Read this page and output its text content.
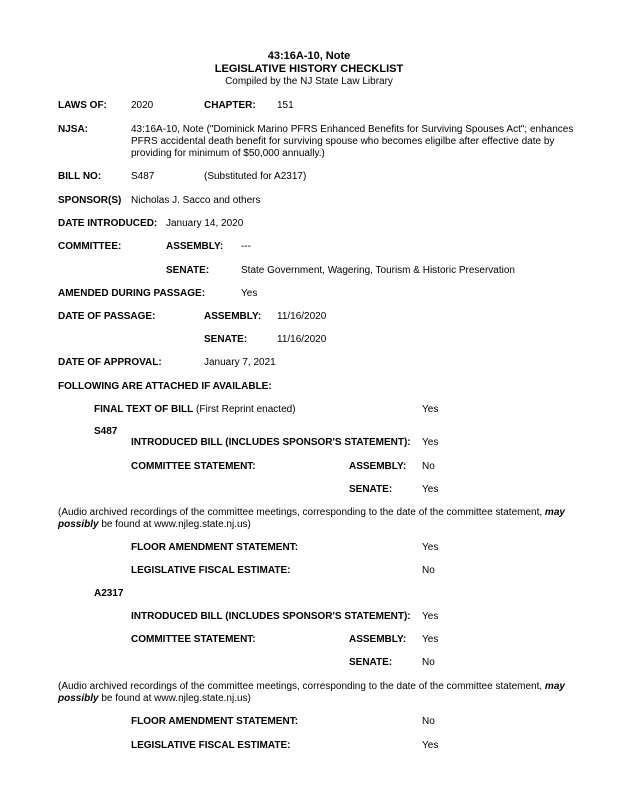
43:16A-10, Note
LEGISLATIVE HISTORY CHECKLIST
Compiled by the NJ State Law Library
LAWS OF: 2020	CHAPTER: 151
NJSA:	43:16A-10, Note ("Dominick Marino PFRS Enhanced Benefits for Surviving Spouses Act"; enhances PFRS accidental death benefit for surviving spouse who becomes eligilbe after effective date by providing for minimum of $50,000 annually.)
BILL NO:	S487	(Substituted for A2317)
SPONSOR(S) Nicholas J. Sacco and others
DATE INTRODUCED: January 14, 2020
COMMITTEE:	ASSEMBLY: ---
SENATE:	State Government, Wagering, Tourism & Historic Preservation
AMENDED DURING PASSAGE:	Yes
DATE OF PASSAGE:	ASSEMBLY: 11/16/2020
SENATE:	11/16/2020
DATE OF APPROVAL:	January 7, 2021
FOLLOWING ARE ATTACHED IF AVAILABLE:
FINAL TEXT OF BILL (First Reprint enacted)	Yes
S487
INTRODUCED BILL (INCLUDES SPONSOR'S STATEMENT): Yes
COMMITTEE STATEMENT:	ASSEMBLY: No
SENATE:	Yes
(Audio archived recordings of the committee meetings, corresponding to the date of the committee statement, may possibly be found at www.njleg.state.nj.us)
FLOOR AMENDMENT STATEMENT:	Yes
LEGISLATIVE FISCAL ESTIMATE:	No
A2317
INTRODUCED BILL (INCLUDES SPONSOR'S STATEMENT): Yes
COMMITTEE STATEMENT:	ASSEMBLY: Yes
SENATE:	No
(Audio archived recordings of the committee meetings, corresponding to the date of the committee statement, may possibly be found at www.njleg.state.nj.us)
FLOOR AMENDMENT STATEMENT:	No
LEGISLATIVE FISCAL ESTIMATE:	Yes
